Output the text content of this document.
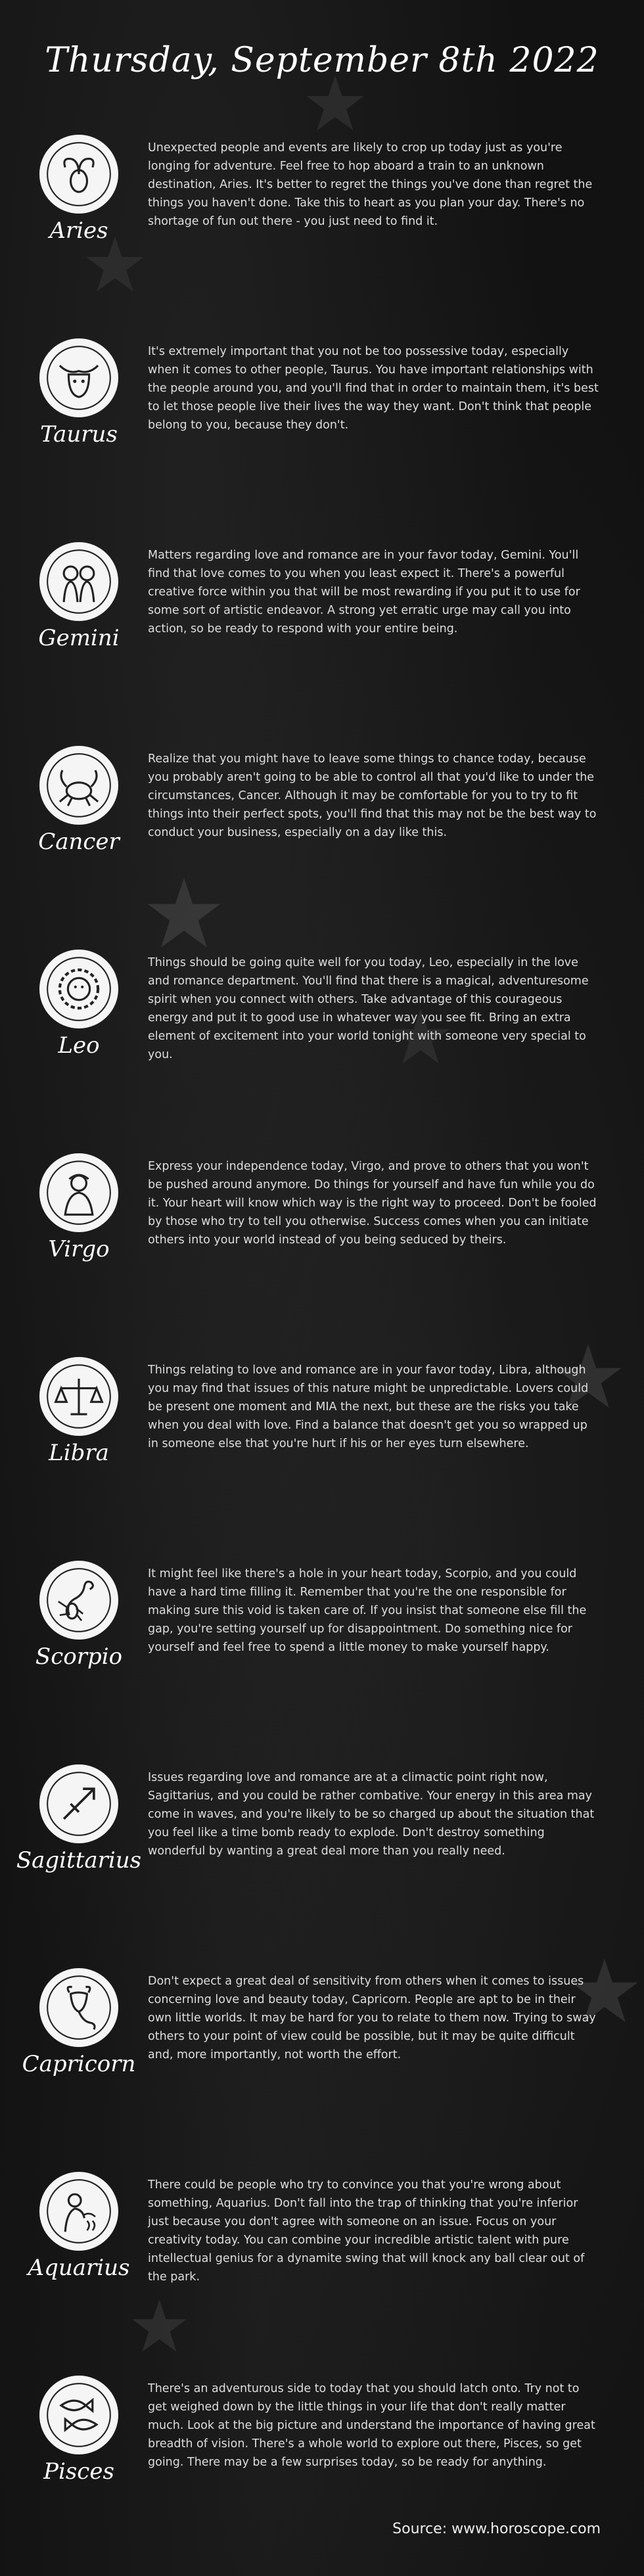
Thursday, September 8th 2022
Aries

Unexpected people and events are likely to crop up today just as you're longing for adventure. Feel free to hop aboard a train to an unknown destination, Aries. It's better to regret the things you've done than regret the things you haven't done. Take this to heart as you plan your day. There's no shortage of fun out there - you just need to find it.

Taurus

It's extremely important that you not be too possessive today, especially when it comes to other people, Taurus. You have important relationships with the people around you, and you'll find that in order to maintain them, it's best to let those people live their lives the way they want. Don't think that people belong to you, because they don't.

Gemini

Matters regarding love and romance are in your favor today, Gemini. You'll find that love comes to you when you least expect it. There's a powerful creative force within you that will be most rewarding if you put it to use for some sort of artistic endeavor. A strong yet erratic urge may call you into action, so be ready to respond with your entire being.

Cancer

Realize that you might have to leave some things to chance today, because you probably aren't going to be able to control all that you'd like to under the circumstances, Cancer. Although it may be comfortable for you to try to fit things into their perfect spots, you'll find that this may not be the best way to conduct your business, especially on a day like this.

Leo

Things should be going quite well for you today, Leo, especially in the love and romance department. You'll find that there is a magical, adventuresome spirit when you connect with others. Take advantage of this courageous energy and put it to good use in whatever way you see fit. Bring an extra element of excitement into your world tonight with someone very special to you.

Virgo

Express your independence today, Virgo, and prove to others that you won't be pushed around anymore. Do things for yourself and have fun while you do it. Your heart will know which way is the right way to proceed. Don't be fooled by those who try to tell you otherwise. Success comes when you can initiate others into your world instead of you being seduced by theirs.

Libra

Things relating to love and romance are in your favor today, Libra, although you may find that issues of this nature might be unpredictable. Lovers could be present one moment and MIA the next, but these are the risks you take when you deal with love. Find a balance that doesn't get you so wrapped up in someone else that you're hurt if his or her eyes turn elsewhere.

Scorpio

It might feel like there's a hole in your heart today, Scorpio, and you could have a hard time filling it. Remember that you're the one responsible for making sure this void is taken care of. If you insist that someone else fill the gap, you're setting yourself up for disappointment. Do something nice for yourself and feel free to spend a little money to make yourself happy.

Sagittarius

Issues regarding love and romance are at a climactic point right now, Sagittarius, and you could be rather combative. Your energy in this area may come in waves, and you're likely to be so charged up about the situation that you feel like a time bomb ready to explode. Don't destroy something wonderful by wanting a great deal more than you really need.

Capricorn

Don't expect a great deal of sensitivity from others when it comes to issues concerning love and beauty today, Capricorn. People are apt to be in their own little worlds. It may be hard for you to relate to them now. Trying to sway others to your point of view could be possible, but it may be quite difficult and, more importantly, not worth the effort.

Aquarius

There could be people who try to convince you that you're wrong about something, Aquarius. Don't fall into the trap of thinking that you're inferior just because you don't agree with someone on an issue. Focus on your creativity today. You can combine your incredible artistic talent with pure intellectual genius for a dynamite swing that will knock any ball clear out of the park.

Pisces

There's an adventurous side to today that you should latch onto. Try not to get weighed down by the little things in your life that don't really matter much. Look at the big picture and understand the importance of having great breadth of vision. There's a whole world to explore out there, Pisces, so get going. There may be a few surprises today, so be ready for anything.

Source: www.horoscope.com
